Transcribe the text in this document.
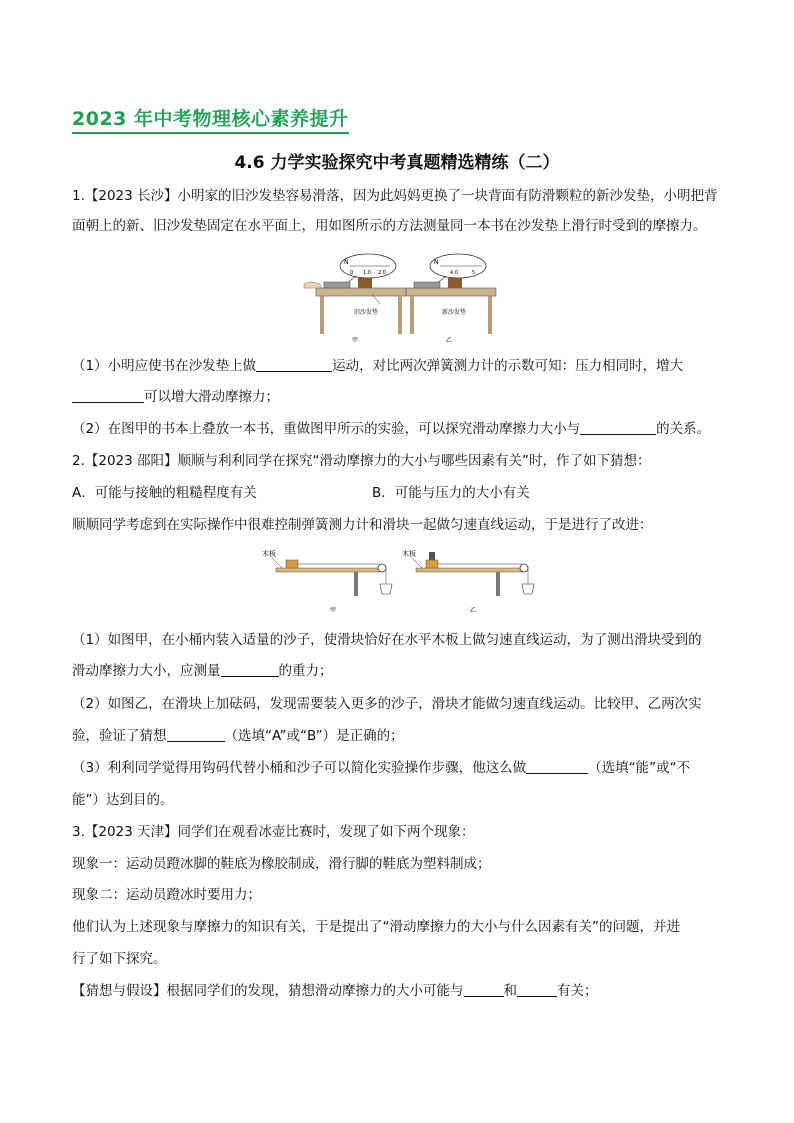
2023 年中考物理核心素养提升
4.6 力学实验探究中考真题精选精练（二）
1.【2023 长沙】小明家的旧沙发垫容易滑落，因为此妈妈更换了一块背面有防滑颗粒的新沙发垫，小明把背
面朝上的新、旧沙发垫固定在水平面上，用如图所示的方法测量同一本书在沙发垫上滑行时受到的摩擦力。
N
0 1.0 2.0
旧沙发垫
甲
N
4.0	5
新沙发垫
乙
（1）小明应使书在沙发垫上做	运动，对比两次弹簧测力计的示数可知：压力相同时，增大
可以增大滑动摩擦力；
（2）在图甲的书本上叠放一本书，重做图甲所示的实验，可以探究滑动摩擦力大小与	的关系。
2.【2023 邵阳】顺顺与利利同学在探究“滑动摩擦力的大小与哪些因素有关”时，作了如下猜想：
A．可能与接触的粗糙程度有关	B．可能与压力的大小有关
顺顺同学考虑到在实际操作中很难控制弹簧测力计和滑块一起做匀速直线运动，于是进行了改进：
木板
甲
木板
乙
（1）如图甲，在小桶内装入适量的沙子，使滑块恰好在水平木板上做匀速直线运动，为了测出滑块受到的
滑动摩擦力大小，应测量	的重力；
（2）如图乙，在滑块上加砝码，发现需要装入更多的沙子，滑块才能做匀速直线运动。比较甲、乙两次实
验，验证了猜想	（选填“A”或“B”）是正确的；
（3）利利同学觉得用钩码代替小桶和沙子可以简化实验操作步骤，他这么做	（选填“能”或“不
能”）达到目的。
3.【2023 天津】同学们在观看冰壶比赛时，发现了如下两个现象：
现象一：运动员蹬冰脚的鞋底为橡胶制成，滑行脚的鞋底为塑料制成；
现象二：运动员蹬冰时要用力；
他们认为上述现象与摩擦力的知识有关，于是提出了“滑动摩擦力的大小与什么因素有关”的问题，并进
行了如下探究。
【猜想与假设】根据同学们的发现，猜想滑动摩擦力的大小可能与	和	有关；
